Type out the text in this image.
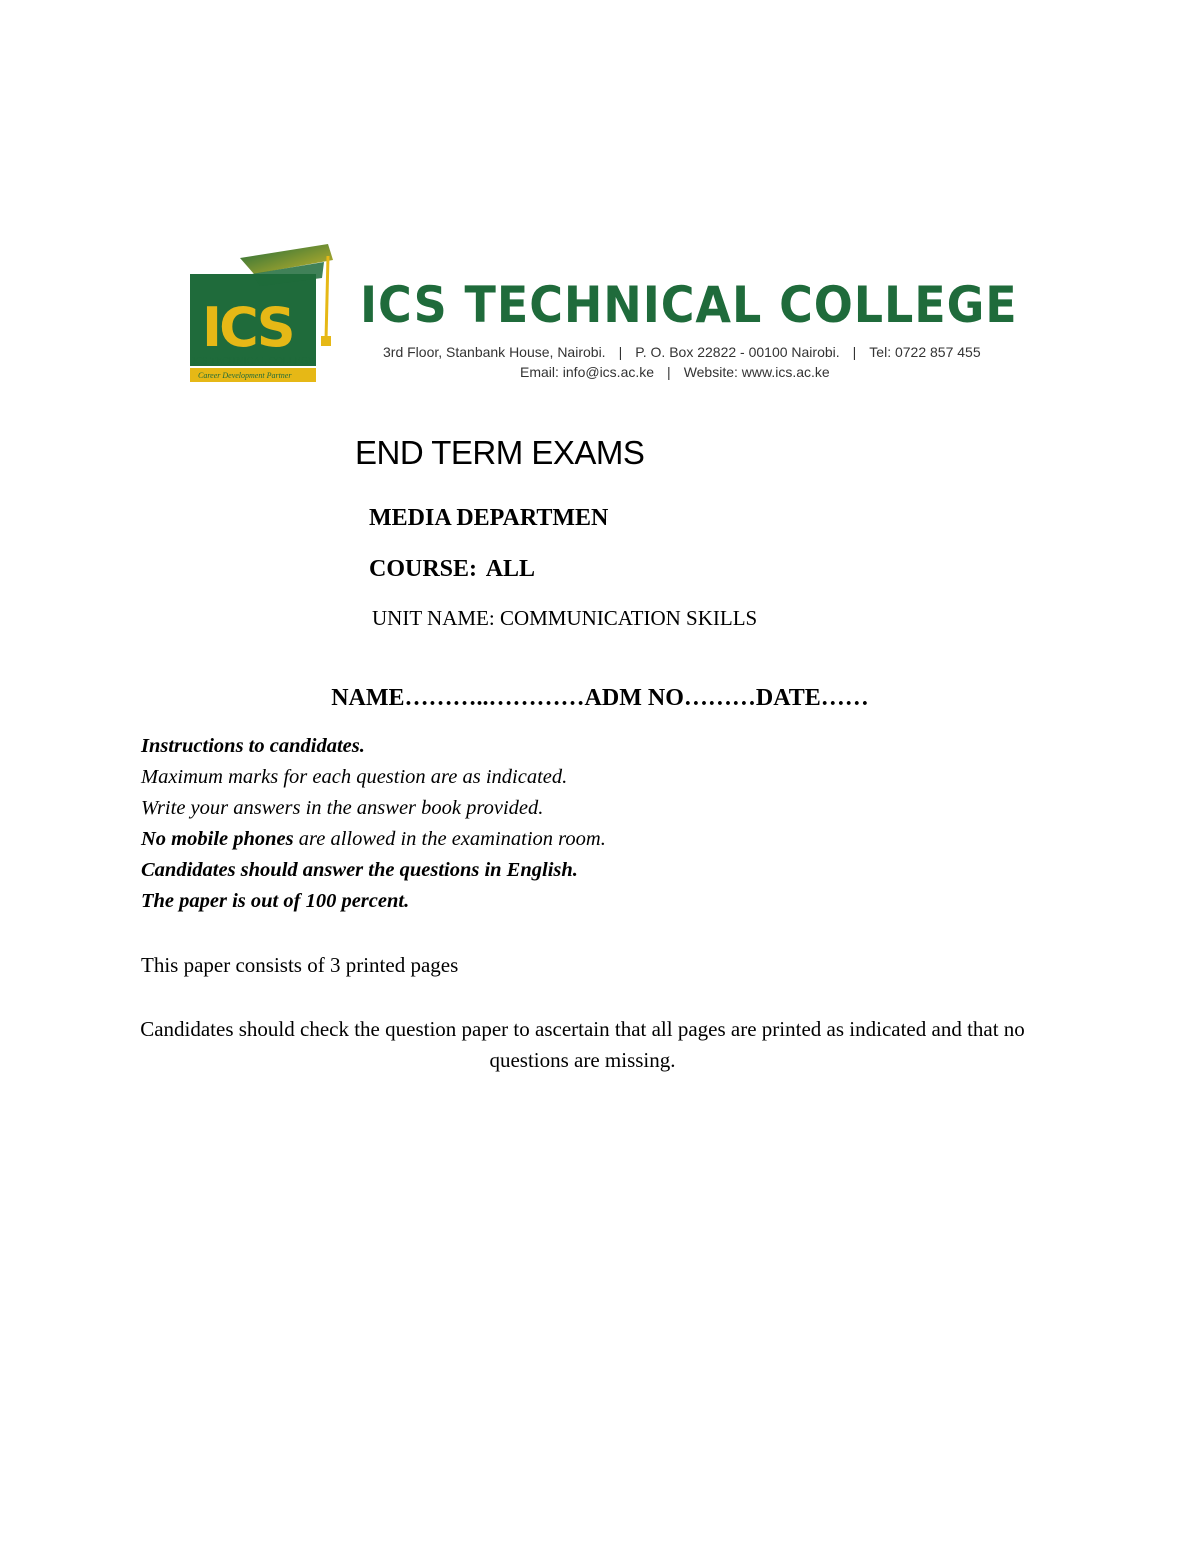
ICS
ICS TECHNICAL COLLEGE
Career Development Partner
ICS TECHNICAL COLLEGE
3rd Floor, Stanbank House, Nairobi. | P. O. Box 22822 - 00100 Nairobi. | Tel: 0722 857 455
Email: info@ics.ac.ke | Website: www.ics.ac.ke
END TERM EXAMS
MEDIA DEPARTMEN
COURSE: ALL
UNIT NAME: COMMUNICATION SKILLS
NAME………..…………ADM NO………DATE……
Instructions to candidates.
Maximum marks for each question are as indicated.
Write your answers in the answer book provided.
No mobile phones are allowed in the examination room.
Candidates should answer the questions in English.
The paper is out of 100 percent.
This paper consists of 3 printed pages
Candidates should check the question paper to ascertain that all pages are printed as indicated and that no questions are missing.
